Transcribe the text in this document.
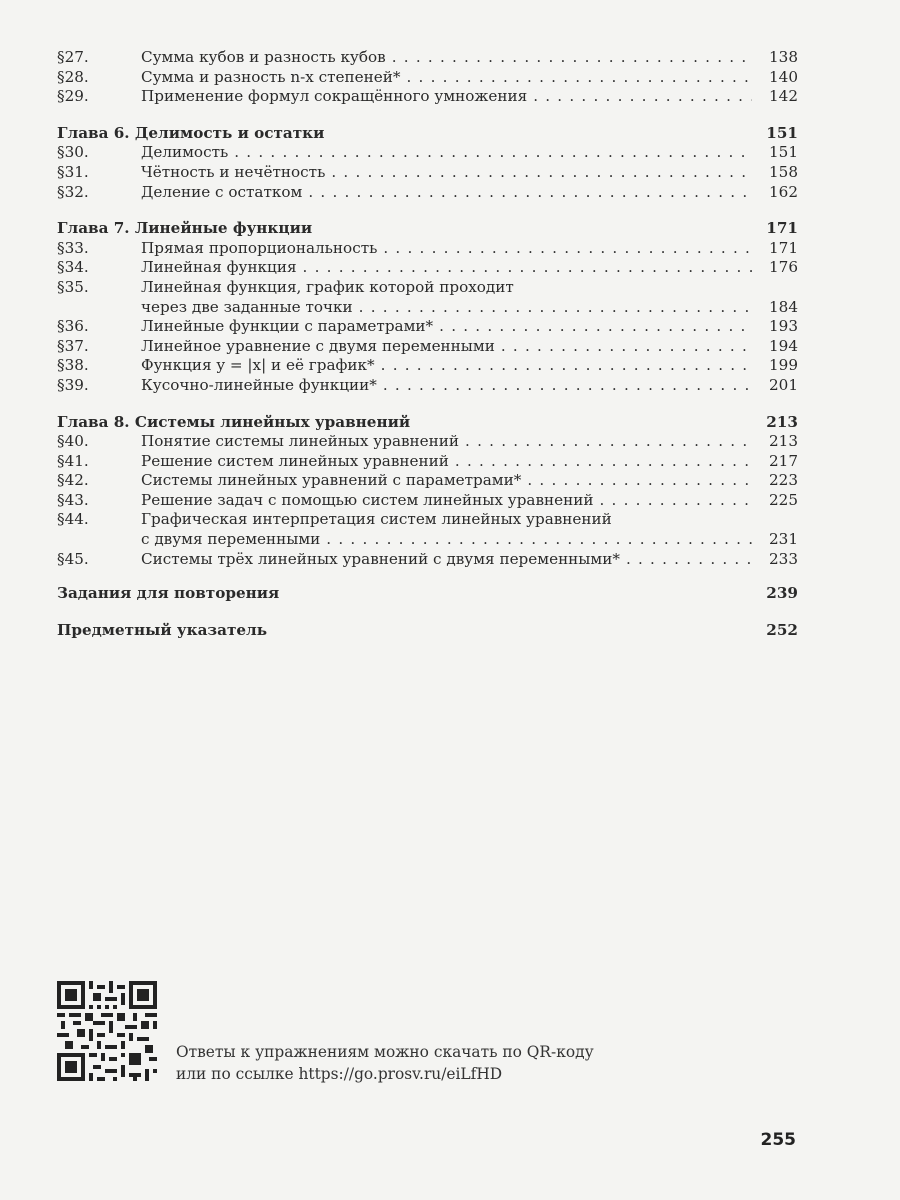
§27.	Сумма кубов и разность кубов . . .	138
§28.	Сумма и разность n-x степеней* . . .	140
§29.	Применение формул сокращённого умножения . . .	142
Глава 6. Делимость и остатки	151
§30.	Делимость . . .	151
§31.	Чётность и нечётность . . .	158
§32.	Деление с остатком . . .	162
Глава 7. Линейные функции	171
§33.	Прямая пропорциональность . . .	171
§34.	Линейная функция . . .	176
§35.	Линейная функция, график которой проходит
через две заданные точки . . .	184
§36.	Линейные функции с параметрами* . . .	193
§37.	Линейное уравнение с двумя переменными . . .	194
§38.	Функция y = |x| и её график* . . .	199
§39.	Кусочно-линейные функции* . . .	201
Глава 8. Системы линейных уравнений	213
§40.	Понятие системы линейных уравнений . . .	213
§41.	Решение систем линейных уравнений . . .	217
§42.	Системы линейных уравнений с параметрами* . . .	223
§43.	Решение задач с помощью систем линейных уравнений . . .	225
§44.	Графическая интерпретация систем линейных уравнений
с двумя переменными . . .	231
§45.	Системы трёх линейных уравнений с двумя переменными* . . .	233
Задания для повторения	239
Предметный указатель	252
Ответы к упражнениям можно скачать по QR-коду
или по ссылке https://go.prosv.ru/eiLfHD
255
